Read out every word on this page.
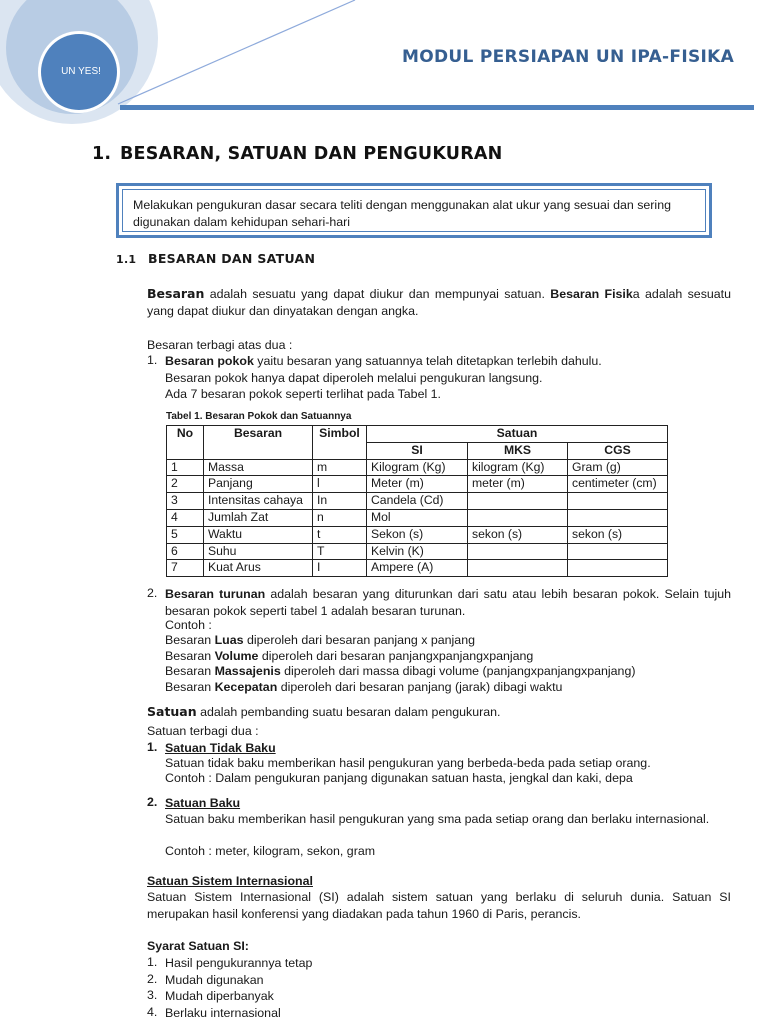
UN YES!
MODUL PERSIAPAN UN IPA-FISIKA
1. BESARAN, SATUAN DAN PENGUKURAN
Melakukan pengukuran dasar secara teliti dengan menggunakan alat ukur yang sesuai dan sering digunakan dalam kehidupan sehari-hari
1.1 BESARAN DAN SATUAN
Besaran adalah sesuatu yang dapat diukur dan mempunyai satuan. Besaran Fisika adalah sesuatu yang dapat diukur dan dinyatakan dengan angka.
Besaran terbagi atas dua :
1. Besaran pokok yaitu besaran yang satuannya telah ditetapkan terlebih dahulu.
Besaran pokok hanya dapat diperoleh melalui pengukuran langsung.
Ada 7 besaran pokok seperti terlihat pada Tabel 1.
Tabel 1. Besaran Pokok dan Satuannya
No	Besaran	Simbol	Satuan		
			SI	MKS	CGS
1	Massa	m	Kilogram (Kg)	kilogram (Kg)	Gram (g)
2	Panjang	l	Meter (m)	meter (m)	centimeter (cm)
3	Intensitas cahaya	In	Candela (Cd)		
4	Jumlah Zat	n	Mol		
5	Waktu	t	Sekon (s)	sekon (s)	sekon (s)
6	Suhu	T	Kelvin (K)		
7	Kuat Arus	I	Ampere (A)		
2. Besaran turunan adalah besaran yang diturunkan dari satu atau lebih besaran pokok. Selain tujuh besaran pokok seperti tabel 1 adalah besaran turunan.
Contoh :
Besaran Luas diperoleh dari besaran panjang x panjang
Besaran Volume diperoleh dari besaran panjangxpanjangxpanjang
Besaran Massajenis diperoleh dari massa dibagi volume (panjangxpanjangxpanjang)
Besaran Kecepatan diperoleh dari besaran panjang (jarak) dibagi waktu
Satuan adalah pembanding suatu besaran dalam pengukuran.
Satuan terbagi dua :
1. Satuan Tidak Baku
Satuan tidak baku memberikan hasil pengukuran yang berbeda-beda pada setiap orang.
Contoh : Dalam pengukuran panjang digunakan satuan hasta, jengkal dan kaki, depa
2. Satuan Baku
Satuan baku memberikan hasil pengukuran yang sma pada setiap orang dan berlaku internasional.
Contoh : meter, kilogram, sekon, gram
Satuan Sistem Internasional
Satuan Sistem Internasional (SI) adalah sistem satuan yang berlaku di seluruh dunia. Satuan SI merupakan hasil konferensi yang diadakan pada tahun 1960 di Paris, perancis.
Syarat Satuan SI:
1. Hasil pengukurannya tetap
2. Mudah digunakan
3. Mudah diperbanyak
4. Berlaku internasional
